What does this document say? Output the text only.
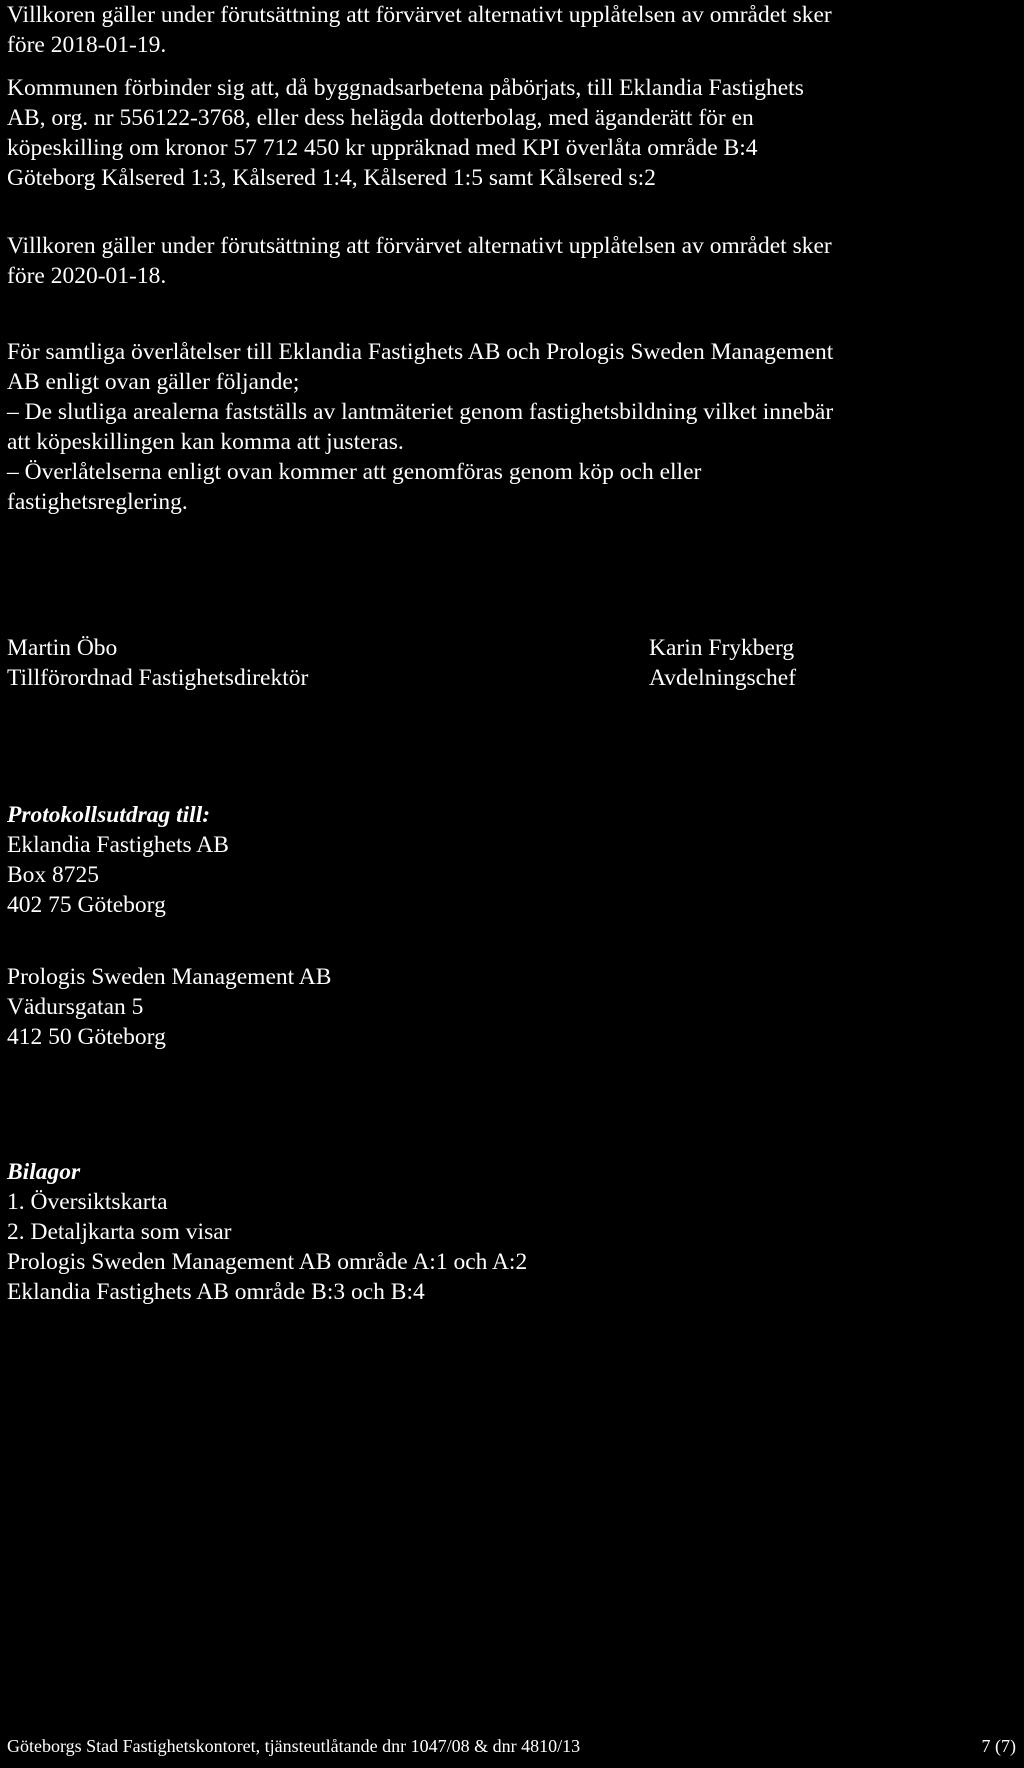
Villkoren gäller under förutsättning att förvärvet alternativt upplåtelsen av området sker
före 2018-01-19.

Kommunen förbinder sig att, då byggnadsarbetena påbörjats, till Eklandia Fastighets
AB, org. nr 556122-3768, eller dess helägda dotterbolag, med äganderätt för en
köpeskilling om kronor 57 712 450 kr uppräknad med KPI överlåta område B:4
Göteborg Kålsered 1:3, Kålsered 1:4, Kålsered 1:5 samt Kålsered s:2

Villkoren gäller under förutsättning att förvärvet alternativt upplåtelsen av området sker
före 2020-01-18.

För samtliga överlåtelser till Eklandia Fastighets AB och Prologis Sweden Management
AB enligt ovan gäller följande;
– De slutliga arealerna fastställs av lantmäteriet genom fastighetsbildning vilket innebär
att köpeskillingen kan komma att justeras.
– Överlåtelserna enligt ovan kommer att genomföras genom köp och eller
fastighetsreglering.

Martin Öbo
Tillförordnad Fastighetsdirektör
Karin Frykberg
Avdelningschef
Protokollsutdrag till:
Eklandia Fastighets AB
Box 8725
402 75 Göteborg
Prologis Sweden Management AB
Vädursgatan 5
412 50 Göteborg
Bilagor
1. Översiktskarta
2. Detaljkarta som visar
Prologis Sweden Management AB område A:1 och A:2
Eklandia Fastighets AB område B:3 och B:4
Göteborgs Stad Fastighetskontoret, tjänsteutlåtande dnr 1047/08 & dnr 4810/13	7 (7)
